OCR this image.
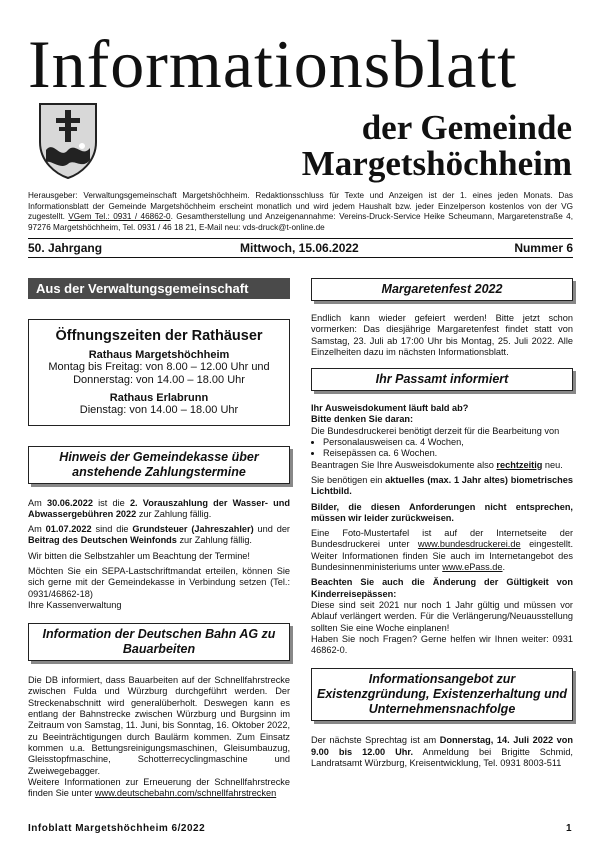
Informationsblatt
der Gemeinde
Margetshöchheim
Herausgeber: Verwaltungsgemeinschaft Margetshöchheim. Redaktionsschluss für Texte und Anzeigen ist der 1. eines jeden Monats. Das Informationsblatt der Gemeinde Margetshöchheim erscheint monatlich und wird jedem Haushalt bzw. jeder Einzelperson kostenlos von der VG zugestellt. VGem Tel.: 0931 / 46862-0. Gesamtherstellung und Anzeigenannahme: Vereins-Druck-Service Heike Scheumann, Margaretenstraße 4, 97276 Margetshöchheim, Tel. 0931 / 46 18 21, E-Mail neu: vds-druck@t-online.de
50. Jahrgang	Mittwoch, 15.06.2022	Nummer 6
Aus der Verwaltungsgemeinschaft
Öffnungszeiten der Rathäuser
Rathaus Margetshöchheim
Montag bis Freitag: von 8.00 – 12.00 Uhr und
Donnerstag: von 14.00 – 18.00 Uhr
Rathaus Erlabrunn
Dienstag: von 14.00 – 18.00 Uhr
Hinweis der Gemeindekasse über anstehende Zahlungstermine

Am 30.06.2022 ist die 2. Vorauszahlung der Wasser- und Abwassergebühren 2022 zur Zahlung fällig.

Am 01.07.2022 sind die Grundsteuer (Jahreszahler) und der Beitrag des Deutschen Weinfonds zur Zahlung fällig.

Wir bitten die Selbstzahler um Beachtung der Termine!

Möchten Sie ein SEPA-Lastschriftmandat erteilen, können Sie sich gerne mit der Gemeindekasse in Verbindung setzen (Tel.: 0931/46862-18)

Ihre Kassenverwaltung

Information der Deutschen Bahn AG zu Bauarbeiten

Die DB informiert, dass Bauarbeiten auf der Schnellfahrstrecke zwischen Fulda und Würzburg durchgeführt werden. Der Streckenabschnitt wird generalüberholt. Deswegen kann es entlang der Bahnstrecke zwischen Würzburg und Burgsinn im Zeitraum von Samstag, 11. Juni, bis Sonntag, 16. Oktober 2022, zu Beeinträchtigungen durch Baulärm kommen. Zum Einsatz kommen u.a. Bettungsreinigungsmaschinen, Gleisumbauzug, Gleisstopfmaschine, Schotterrecyclingmaschine und Zweiwegebagger.

Weitere Informationen zur Erneuerung der Schnellfahrstrecke finden Sie unter www.deutschebahn.com/schnellfahrstrecken

Margaretenfest 2022

Endlich kann wieder gefeiert werden! Bitte jetzt schon vormerken: Das diesjährige Margaretenfest findet statt von Samstag, 23. Juli ab 17:00 Uhr bis Montag, 25. Juli 2022. Alle Einzelheiten dazu im nächsten Informationsblatt.

Ihr Passamt informiert

Ihr Ausweisdokument läuft bald ab?

Bitte denken Sie daran:

Die Bundesdruckerei benötigt derzeit für die Bearbeitung von

• Personalausweisen ca. 4 Wochen,
• Reisepässen ca. 6 Wochen.

Beantragen Sie Ihre Ausweisdokumente also rechtzeitig neu.

Sie benötigen ein aktuelles (max. 1 Jahr altes) biometrisches Lichtbild.

Bilder, die diesen Anforderungen nicht entsprechen, müssen wir leider zurückweisen.

Eine Foto-Mustertafel ist auf der Internetseite der Bundesdruckerei unter www.bundesdruckerei.de eingestellt. Weiter Informationen finden Sie auch im Internetangebot des Bundesinnenministeriums unter www.ePass.de.

Beachten Sie auch die Änderung der Gültigkeit von Kinderreisepässen:

Diese sind seit 2021 nur noch 1 Jahr gültig und müssen vor Ablauf verlängert werden. Für die Verlängerung/Neuausstellung sollten Sie eine Woche einplanen!

Haben Sie noch Fragen? Gerne helfen wir Ihnen weiter: 0931 46862-0.

Informationsangebot zur Existenzgründung, Existenzerhaltung und Unternehmensnachfolge

Der nächste Sprechtag ist am Donnerstag, 14. Juli 2022 von 9.00 bis 12.00 Uhr. Anmeldung bei Brigitte Schmid, Landratsamt Würzburg, Kreisentwicklung, Tel. 0931 8003-511

Infoblatt Margetshöchheim 6/2022	1
